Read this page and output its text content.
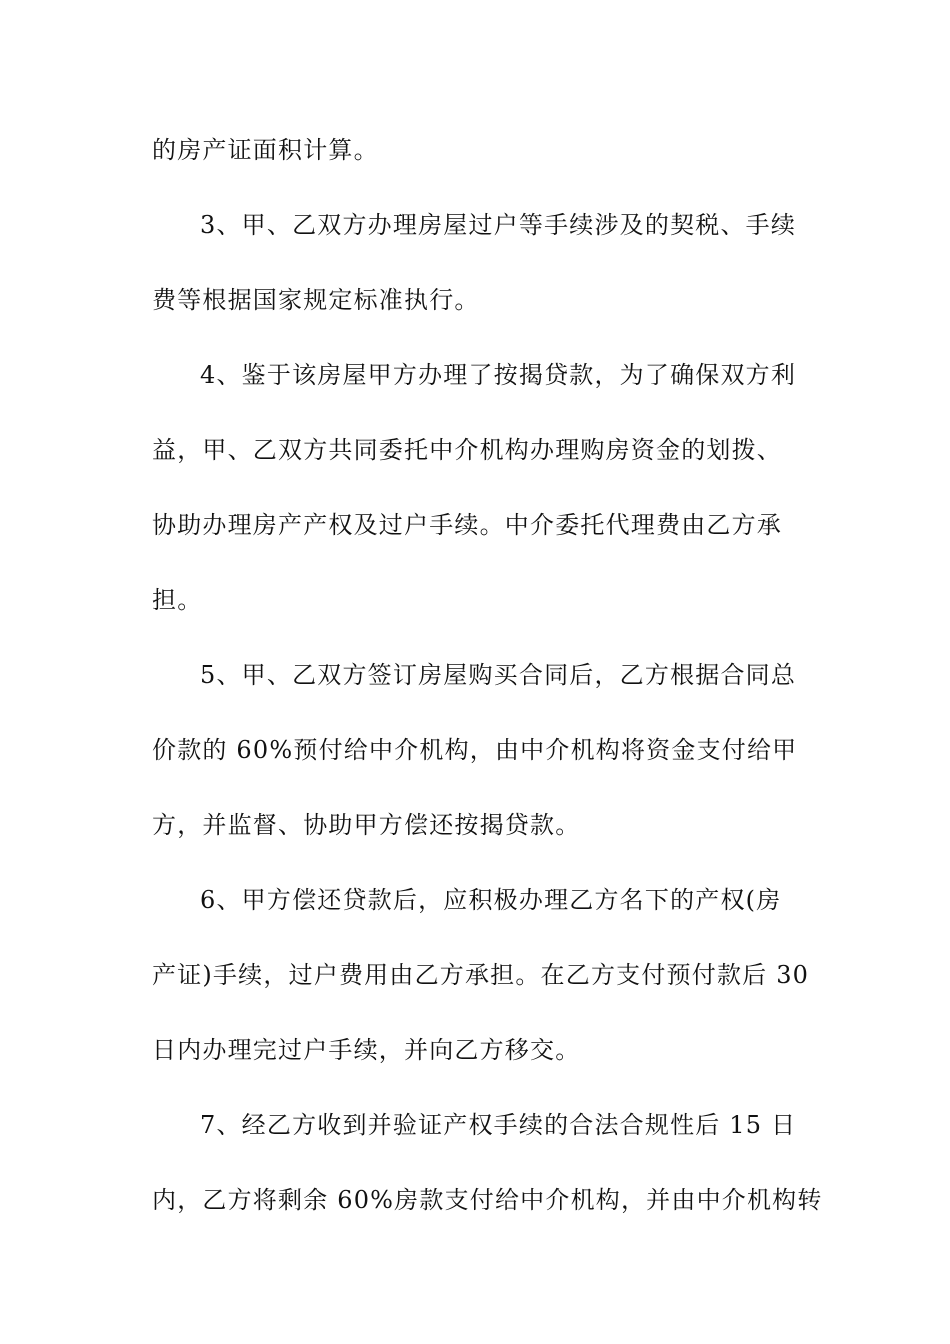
的房产证面积计算。
3、甲、乙双方办理房屋过户等手续涉及的契税、手续
费等根据国家规定标准执行。
4、鉴于该房屋甲方办理了按揭贷款，为了确保双方利
益，甲、乙双方共同委托中介机构办理购房资金的划拨、
协助办理房产产权及过户手续。中介委托代理费由乙方承
担。
5、甲、乙双方签订房屋购买合同后，乙方根据合同总
价款的 60%预付给中介机构，由中介机构将资金支付给甲
方，并监督、协助甲方偿还按揭贷款。
6、甲方偿还贷款后，应积极办理乙方名下的产权(房
产证)手续，过户费用由乙方承担。在乙方支付预付款后 30
日内办理完过户手续，并向乙方移交。
7、经乙方收到并验证产权手续的合法合规性后 15 日
内，乙方将剩余 60%房款支付给中介机构，并由中介机构转
